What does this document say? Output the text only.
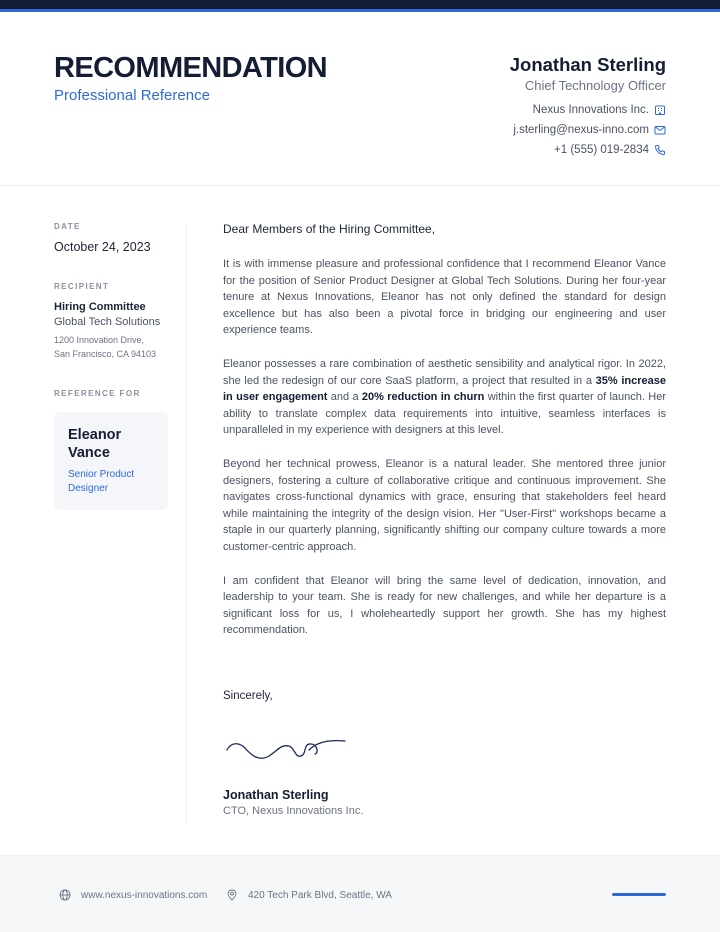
RECOMMENDATION
Professional Reference
Jonathan Sterling
Chief Technology Officer
Nexus Innovations Inc.
j.sterling@nexus-inno.com
+1 (555) 019-2834
DATE
October 24, 2023
RECIPIENT
Hiring Committee
Global Tech Solutions
1200 Innovation Drive,
San Francisco, CA 94103
REFERENCE FOR
Eleanor
Vance
Senior Product
Designer
Dear Members of the Hiring Committee,

It is with immense pleasure and professional confidence that I recommend Eleanor Vance for the position of Senior Product Designer at Global Tech Solutions. During her four-year tenure at Nexus Innovations, Eleanor has not only defined the standard for design excellence but has also been a pivotal force in bridging our engineering and user experience teams.

Eleanor possesses a rare combination of aesthetic sensibility and analytical rigor. In 2022, she led the redesign of our core SaaS platform, a project that resulted in a 35% increase in user engagement and a 20% reduction in churn within the first quarter of launch. Her ability to translate complex data requirements into intuitive, seamless interfaces is unparalleled in my experience with designers at this level.

Beyond her technical prowess, Eleanor is a natural leader. She mentored three junior designers, fostering a culture of collaborative critique and continuous improvement. She navigates cross-functional dynamics with grace, ensuring that stakeholders feel heard while maintaining the integrity of the design vision. Her "User-First" workshops became a staple in our quarterly planning, significantly shifting our company culture towards a more customer-centric approach.

I am confident that Eleanor will bring the same level of dedication, innovation, and leadership to your team. She is ready for new challenges, and while her departure is a significant loss for us, I wholeheartedly support her growth. She has my highest recommendation.

Sincerely,
Jonathan Sterling
CTO, Nexus Innovations Inc.
www.nexus-innovations.com	420 Tech Park Blvd, Seattle, WA
